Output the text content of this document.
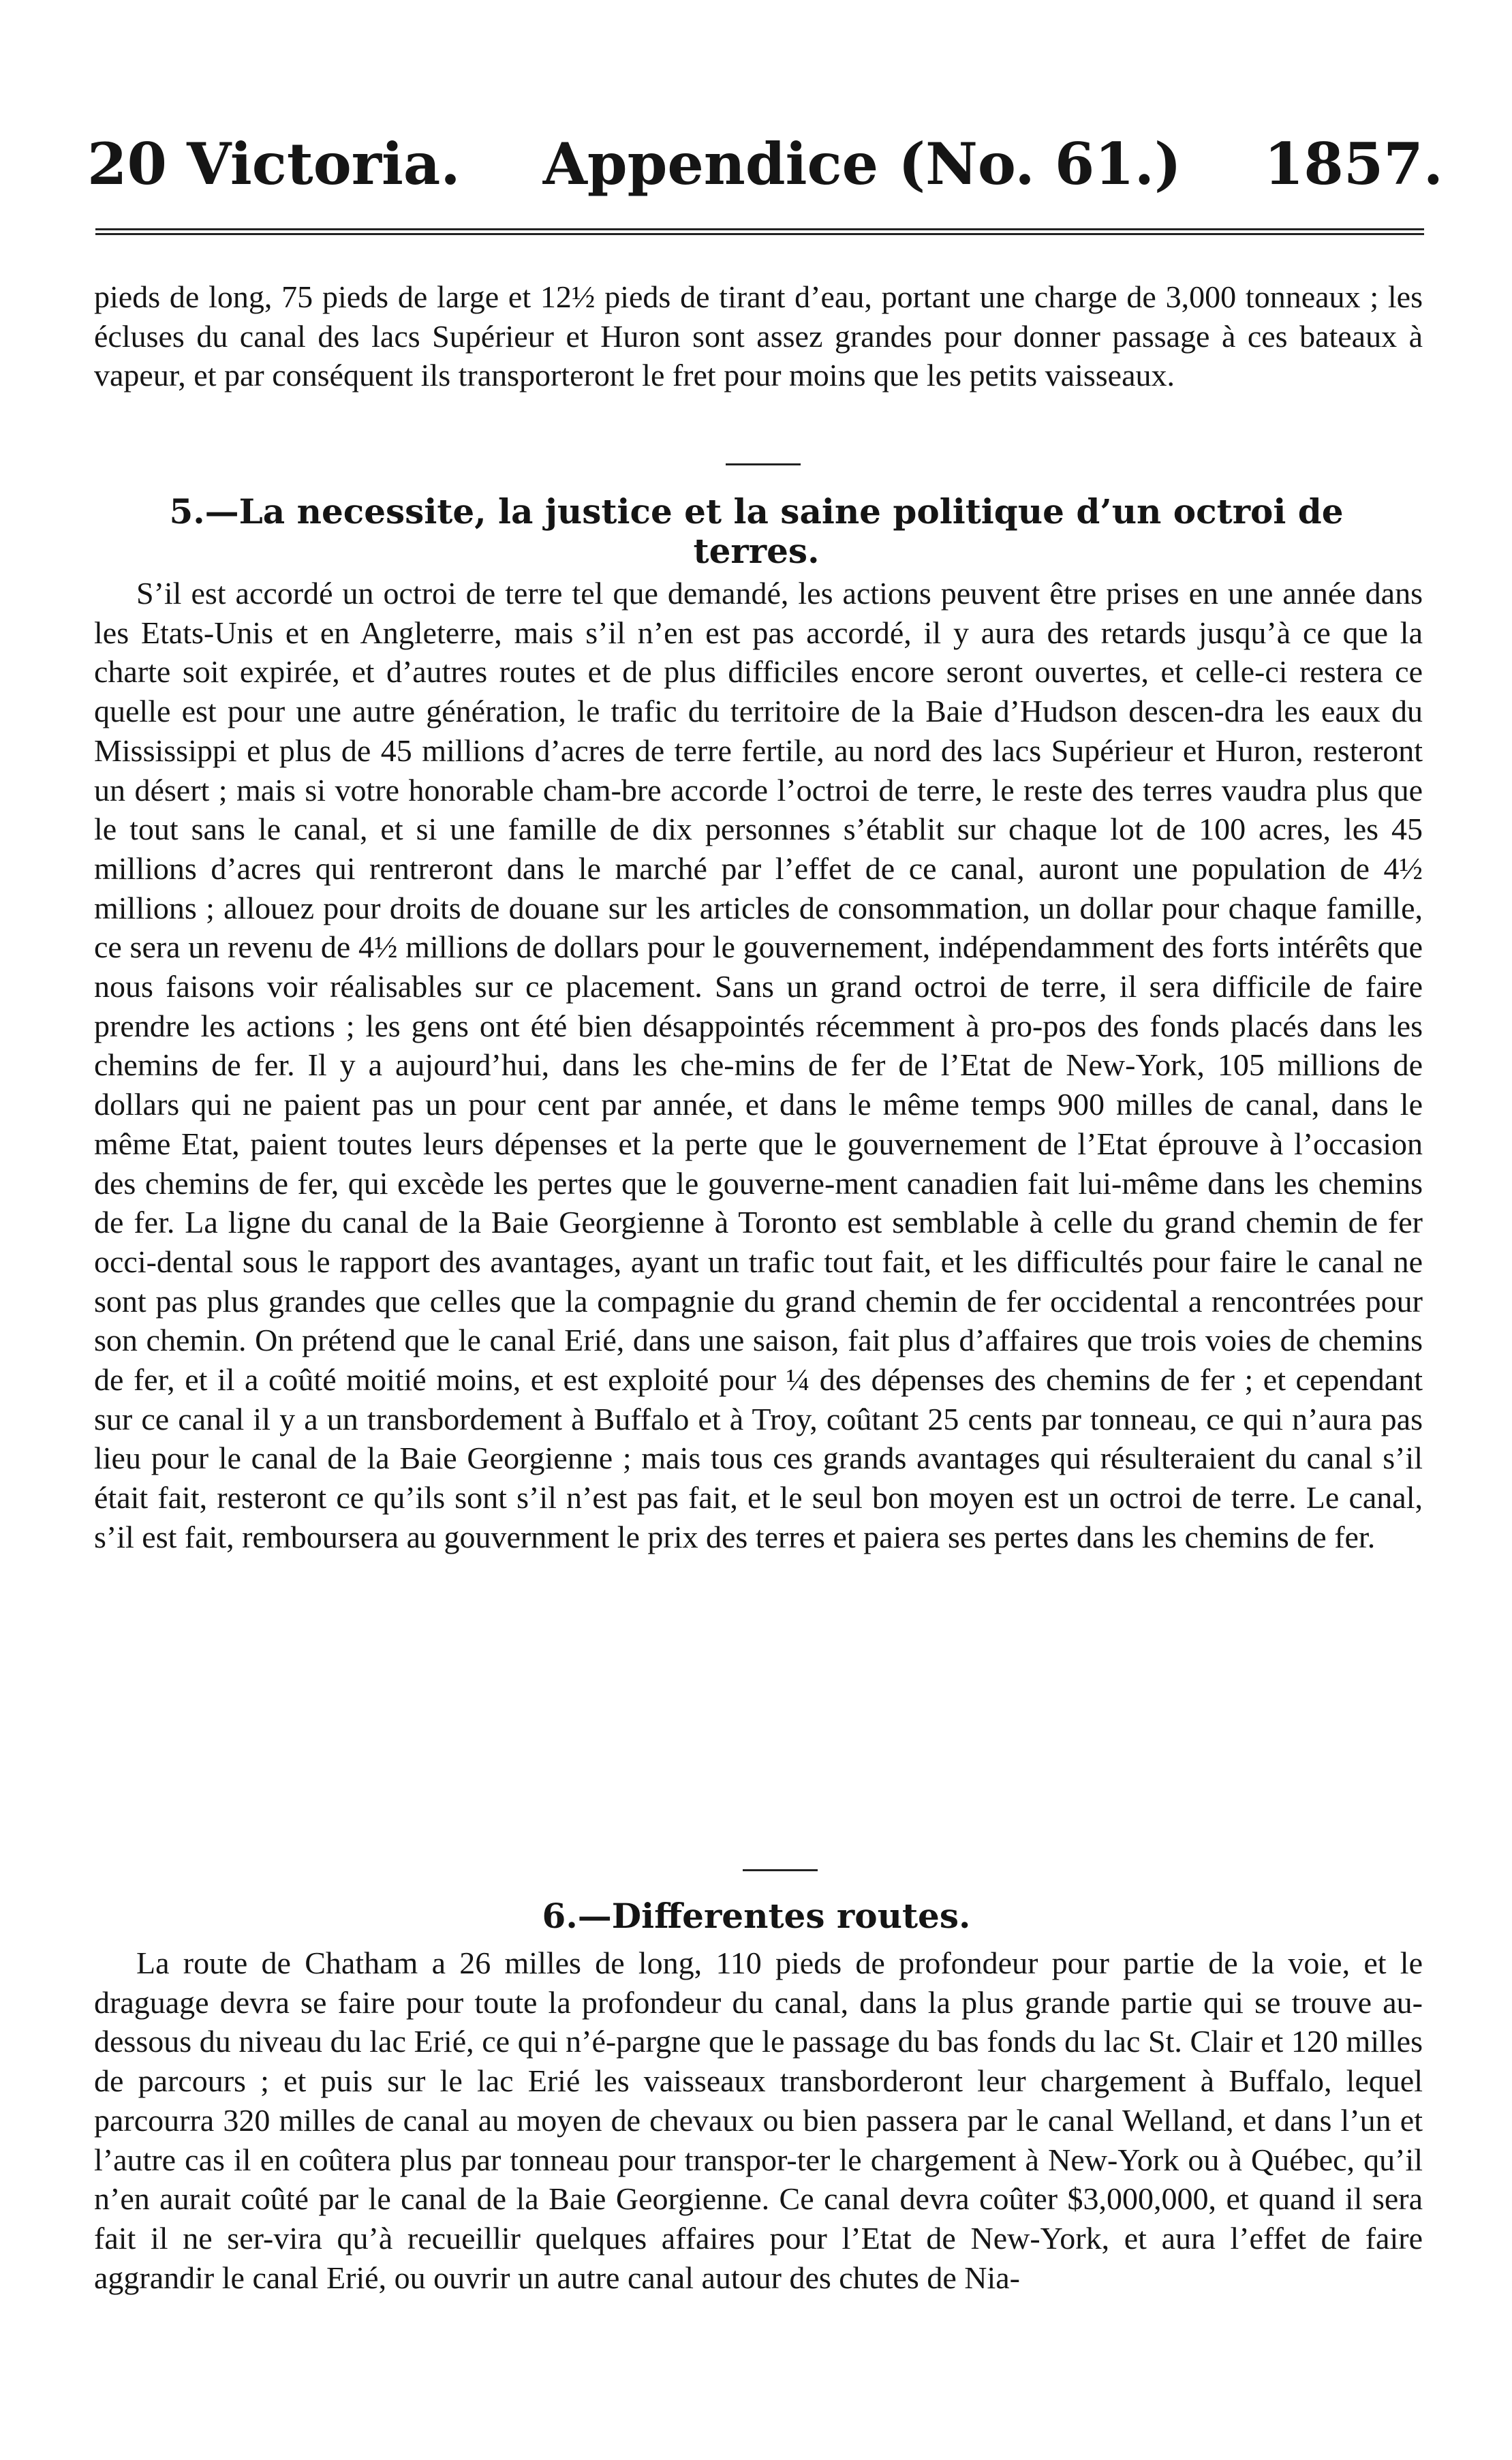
20 Victoria. Appendice (No. 61.) 1857.

pieds de long, 75 pieds de large et 12½ pieds de tirant d’eau, portant une charge de 3,000 tonneaux ; les écluses du canal des lacs Supérieur et Huron sont assez grandes pour donner passage à ces bateaux à vapeur, et par conséquent ils transporteront le fret pour moins que les petits vaisseaux.

5.—La necessite, la justice et la saine politique d’un octroi de terres.

S’il est accordé un octroi de terre tel que demandé, les actions peuvent être prises en une année dans les Etats-Unis et en Angleterre, mais s’il n’en est pas accordé, il y aura des retards jusqu’à ce que la charte soit expirée, et d’autres routes et de plus difficiles encore seront ouvertes, et celle-ci restera ce quelle est pour une autre génération, le trafic du territoire de la Baie d’Hudson descen-dra les eaux du Mississippi et plus de 45 millions d’acres de terre fertile, au nord des lacs Supérieur et Huron, resteront un désert ; mais si votre honorable cham-bre accorde l’octroi de terre, le reste des terres vaudra plus que le tout sans le canal, et si une famille de dix personnes s’établit sur chaque lot de 100 acres, les 45 millions d’acres qui rentreront dans le marché par l’effet de ce canal, auront une population de 4½ millions ; allouez pour droits de douane sur les articles de consommation, un dollar pour chaque famille, ce sera un revenu de 4½ millions de dollars pour le gouvernement, indépendamment des forts intérêts que nous faisons voir réalisables sur ce placement. Sans un grand octroi de terre, il sera difficile de faire prendre les actions ; les gens ont été bien désappointés récemment à pro-pos des fonds placés dans les chemins de fer. Il y a aujourd’hui, dans les che-mins de fer de l’Etat de New-York, 105 millions de dollars qui ne paient pas un pour cent par année, et dans le même temps 900 milles de canal, dans le même Etat, paient toutes leurs dépenses et la perte que le gouvernement de l’Etat éprouve à l’occasion des chemins de fer, qui excède les pertes que le gouverne-ment canadien fait lui-même dans les chemins de fer. La ligne du canal de la Baie Georgienne à Toronto est semblable à celle du grand chemin de fer occi-dental sous le rapport des avantages, ayant un trafic tout fait, et les difficultés pour faire le canal ne sont pas plus grandes que celles que la compagnie du grand chemin de fer occidental a rencontrées pour son chemin. On prétend que le canal Erié, dans une saison, fait plus d’affaires que trois voies de chemins de fer, et il a coûté moitié moins, et est exploité pour ¼ des dépenses des chemins de fer ; et cependant sur ce canal il y a un transbordement à Buffalo et à Troy, coûtant 25 cents par tonneau, ce qui n’aura pas lieu pour le canal de la Baie Georgienne ; mais tous ces grands avantages qui résulteraient du canal s’il était fait, resteront ce qu’ils sont s’il n’est pas fait, et le seul bon moyen est un octroi de terre. Le canal, s’il est fait, remboursera au gouvernment le prix des terres et paiera ses pertes dans les chemins de fer.

6.—Differentes routes.

La route de Chatham a 26 milles de long, 110 pieds de profondeur pour partie de la voie, et le draguage devra se faire pour toute la profondeur du canal, dans la plus grande partie qui se trouve au-dessous du niveau du lac Erié, ce qui n’é-pargne que le passage du bas fonds du lac St. Clair et 120 milles de parcours ; et puis sur le lac Erié les vaisseaux transborderont leur chargement à Buffalo, lequel parcourra 320 milles de canal au moyen de chevaux ou bien passera par le canal Welland, et dans l’un et l’autre cas il en coûtera plus par tonneau pour transpor-ter le chargement à New-York ou à Québec, qu’il n’en aurait coûté par le canal de la Baie Georgienne. Ce canal devra coûter $3,000,000, et quand il sera fait il ne ser-vira qu’à recueillir quelques affaires pour l’Etat de New-York, et aura l’effet de faire aggrandir le canal Erié, ou ouvrir un autre canal autour des chutes de Nia-
